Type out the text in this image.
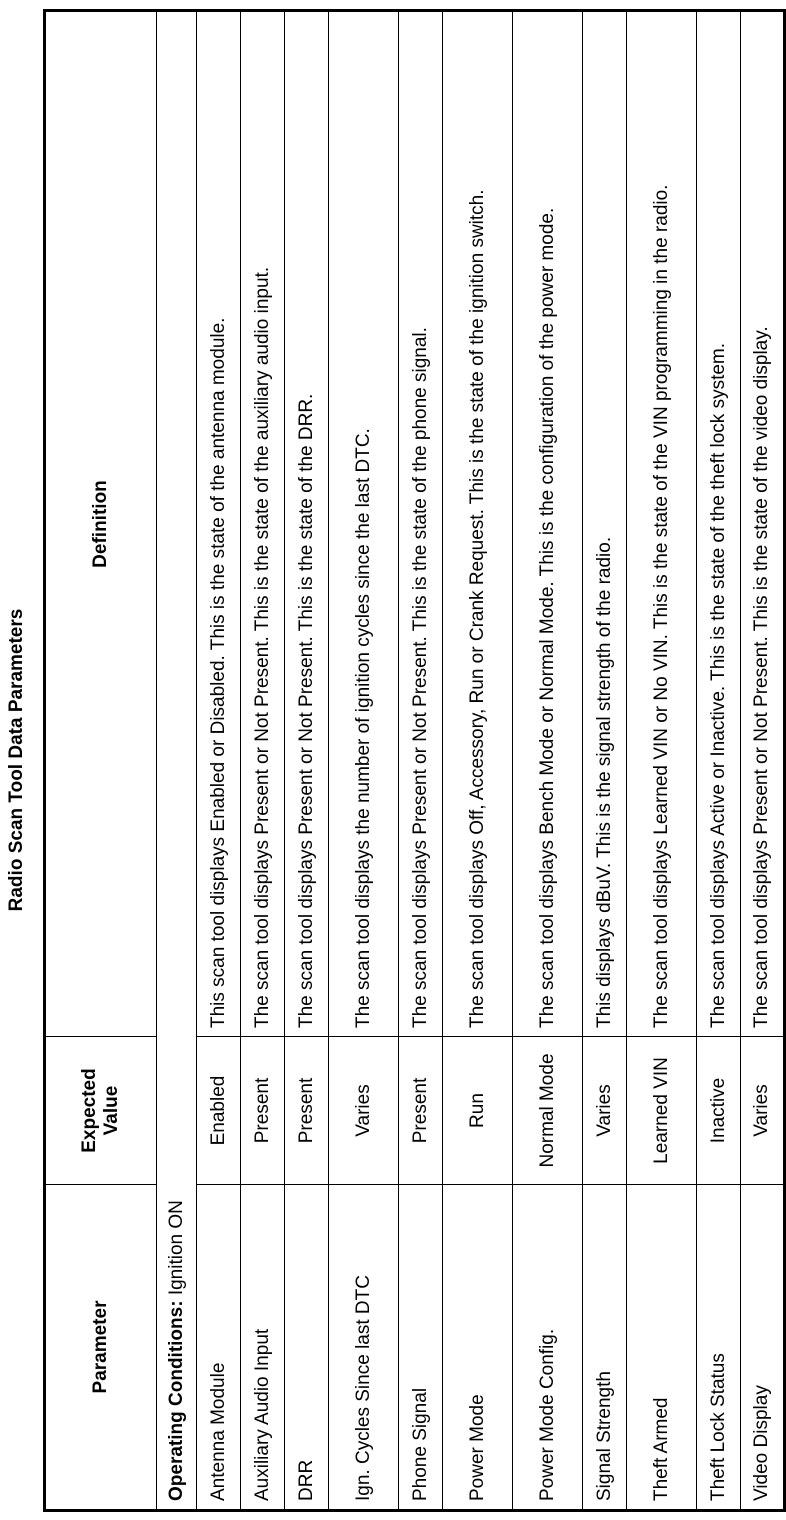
Radio Scan Tool Data Parameters
Parameter	Expected Value	Definition
Operating Conditions: Ignition ON		
Antenna Module	Enabled	This scan tool displays Enabled or Disabled. This is the state of the antenna module.
Auxiliary Audio Input	Present	The scan tool displays Present or Not Present. This is the state of the auxiliary audio input.
DRR	Present	The scan tool displays Present or Not Present. This is the state of the DRR.
Ign. Cycles Since last DTC	Varies	The scan tool displays the number of ignition cycles since the last DTC.
Phone Signal	Present	The scan tool displays Present or Not Present. This is the state of the phone signal.
Power Mode	Run	The scan tool displays Off, Accessory, Run or Crank Request. This is the state of the ignition switch.
Power Mode Config.	Normal Mode	The scan tool displays Bench Mode or Normal Mode. This is the configuration of the power mode.
Signal Strength	Varies	This displays dBuV. This is the signal strength of the radio.
Theft Armed	Learned VIN	The scan tool displays Learned VIN or No VIN. This is the state of the VIN programming in the radio.
Theft Lock Status	Inactive	The scan tool displays Active or Inactive. This is the state of the theft lock system.
Video Display	Varies	The scan tool displays Present or Not Present. This is the state of the video display.
